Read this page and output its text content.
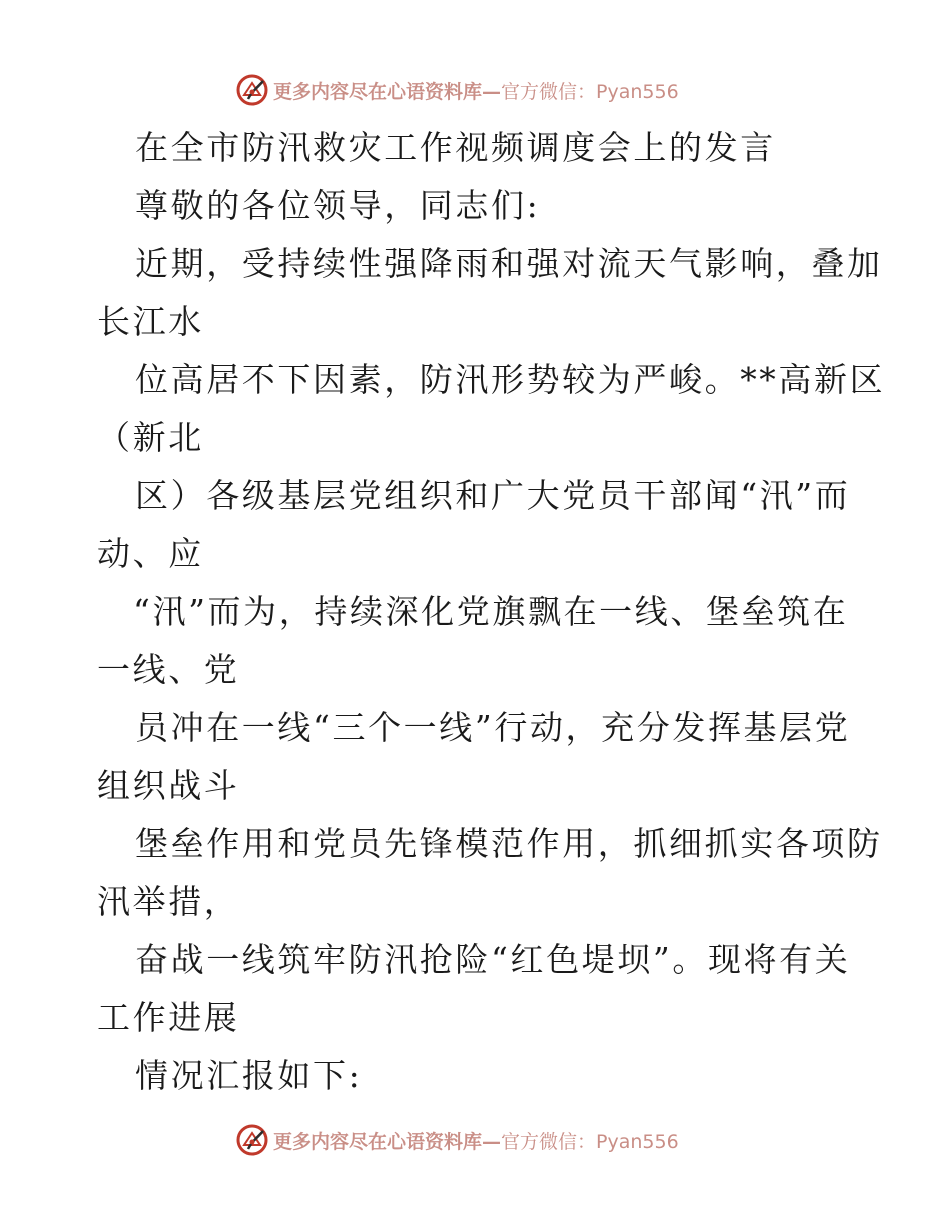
更多内容尽在心语资料库— 官方微信：Pyan556
在全市防汛救灾工作视频调度会上的发言
尊敬的各位领导，同志们:
近期，受持续性强降雨和强对流天气影响，叠加
长江水
位高居不下因素，防汛形势较为严峻。**高新区
（新北
区）各级基层党组织和广大党员干部闻“汛”而
动、应
“汛”而为，持续深化党旗飘在一线、堡垒筑在
一线、党
员冲在一线“三个一线”行动，充分发挥基层党
组织战斗
堡垒作用和党员先锋模范作用，抓细抓实各项防
汛举措，
奋战一线筑牢防汛抢险“红色堤坝”。现将有关
工作进展
情况汇报如下:
更多内容尽在心语资料库— 官方微信：Pyan556
